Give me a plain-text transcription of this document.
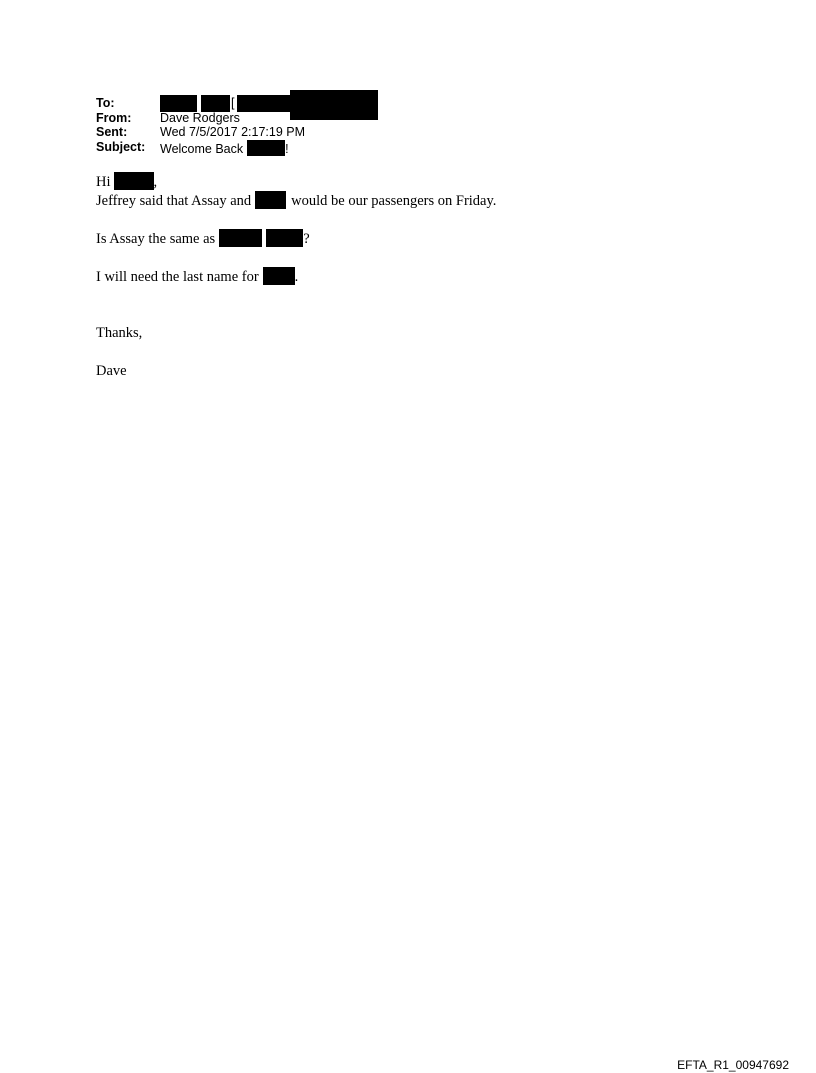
To:	[
From: Dave Rodgers
Sent:	Wed 7/5/2017 2:17:19 PM
Subject: Welcome Back	!
Hi	,
Jeffrey said that Assay and	would be our passengers on Friday.
Is Assay the same as	?
I will need the last name for .
Thanks,
Dave
EFTA_R1_00947692
